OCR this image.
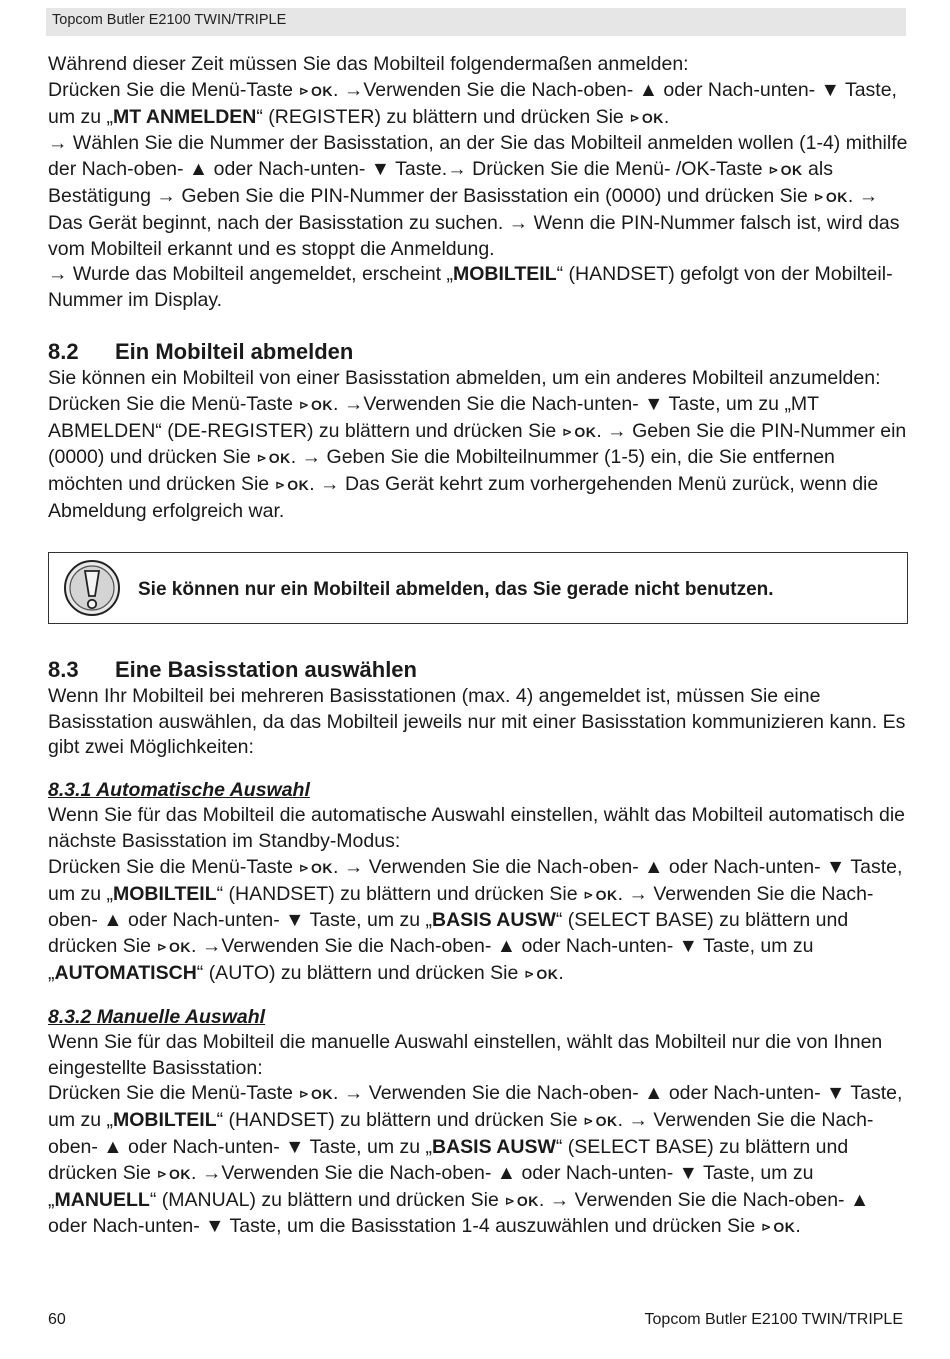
Topcom Butler E2100 TWIN/TRIPLE

Während dieser Zeit müssen Sie das Mobilteil folgendermaßen anmelden:
Drücken Sie die Menü-Taste ⊳ OK. →Verwenden Sie die Nach-oben- ▲ oder Nach-unten- ▼ Taste, um zu „MT ANMELDEN“ (REGISTER) zu blättern und drücken Sie ⊳ OK.
→ Wählen Sie die Nummer der Basisstation, an der Sie das Mobilteil anmelden wollen (1-4) mithilfe der Nach-oben- ▲ oder Nach-unten- ▼ Taste.→ Drücken Sie die Menü- /OK-Taste ⊳ OK als Bestätigung → Geben Sie die PIN-Nummer der Basisstation ein (0000) und drücken Sie ⊳ OK. → Das Gerät beginnt, nach der Basisstation zu suchen. → Wenn die PIN-Nummer falsch ist, wird das vom Mobilteil erkannt und es stoppt die Anmeldung.
→ Wurde das Mobilteil angemeldet, erscheint „MOBILTEIL“ (HANDSET) gefolgt von der Mobilteil-Nummer im Display.

8.2 Ein Mobilteil abmelden

Sie können ein Mobilteil von einer Basisstation abmelden, um ein anderes Mobilteil anzumelden:
Drücken Sie die Menü-Taste ⊳ OK. →Verwenden Sie die Nach-unten- ▼ Taste, um zu „MT ABMELDEN“ (DE-REGISTER) zu blättern und drücken Sie ⊳ OK. → Geben Sie die PIN-Nummer ein (0000) und drücken Sie ⊳ OK. → Geben Sie die Mobilteilnummer (1-5) ein, die Sie entfernen möchten und drücken Sie ⊳ OK. → Das Gerät kehrt zum vorhergehenden Menü zurück, wenn die Abmeldung erfolgreich war.

Sie können nur ein Mobilteil abmelden, das Sie gerade nicht benutzen.
8.3 Eine Basisstation auswählen

Wenn Ihr Mobilteil bei mehreren Basisstationen (max. 4) angemeldet ist, müssen Sie eine Basisstation auswählen, da das Mobilteil jeweils nur mit einer Basisstation kommunizieren kann. Es gibt zwei Möglichkeiten:

8.3.1 Automatische Auswahl

Wenn Sie für das Mobilteil die automatische Auswahl einstellen, wählt das Mobilteil automatisch die nächste Basisstation im Standby-Modus:
Drücken Sie die Menü-Taste ⊳ OK. → Verwenden Sie die Nach-oben- ▲ oder Nach-unten- ▼ Taste, um zu „MOBILTEIL“ (HANDSET) zu blättern und drücken Sie ⊳ OK. → Verwenden Sie die Nach-oben- ▲ oder Nach-unten- ▼ Taste, um zu „BASIS AUSW“ (SELECT BASE) zu blättern und drücken Sie ⊳ OK. →Verwenden Sie die Nach-oben- ▲ oder Nach-unten- ▼ Taste, um zu „AUTOMATISCH“ (AUTO) zu blättern und drücken Sie ⊳ OK.

8.3.2 Manuelle Auswahl

Wenn Sie für das Mobilteil die manuelle Auswahl einstellen, wählt das Mobilteil nur die von Ihnen eingestellte Basisstation:
Drücken Sie die Menü-Taste ⊳ OK. → Verwenden Sie die Nach-oben- ▲ oder Nach-unten- ▼ Taste, um zu „MOBILTEIL“ (HANDSET) zu blättern und drücken Sie ⊳ OK. → Verwenden Sie die Nach-oben- ▲ oder Nach-unten- ▼ Taste, um zu „BASIS AUSW“ (SELECT BASE) zu blättern und drücken Sie ⊳ OK. →Verwenden Sie die Nach-oben- ▲ oder Nach-unten- ▼ Taste, um zu „MANUELL“ (MANUAL) zu blättern und drücken Sie ⊳ OK. → Verwenden Sie die Nach-oben- ▲ oder Nach-unten- ▼ Taste, um die Basisstation 1-4 auszuwählen und drücken Sie ⊳ OK.

60	Topcom Butler E2100 TWIN/TRIPLE
